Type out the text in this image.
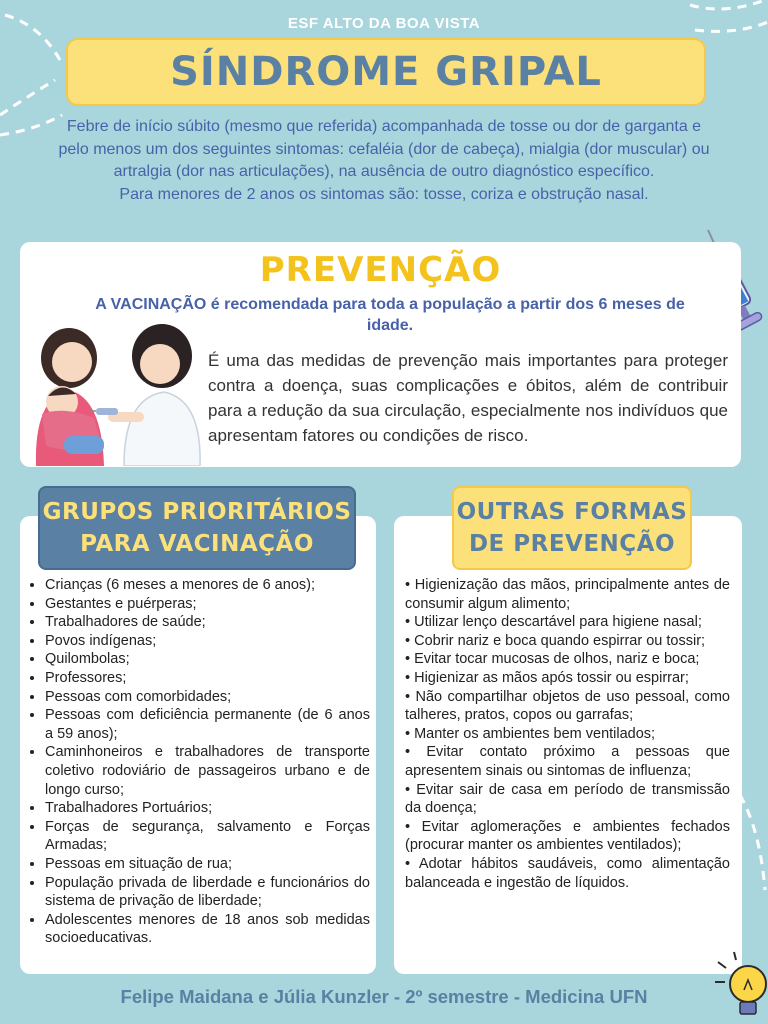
ESF ALTO DA BOA VISTA
SÍNDROME GRIPAL

Febre de início súbito (mesmo que referida) acompanhada de tosse ou dor de garganta e pelo menos um dos seguintes sintomas: cefaléia (dor de cabeça), mialgia (dor muscular) ou artralgia (dor nas articulações), na ausência de outro diagnóstico específico.

Para menores de 2 anos os sintomas são: tosse, coriza e obstrução nasal.

PREVENÇÃO
A VACINAÇÃO é recomendada para toda a população a partir dos 6 meses de idade.
É uma das medidas de prevenção mais importantes para proteger contra a doença, suas complicações e óbitos, além de contribuir para a redução da sua circulação, especialmente nos indivíduos que apresentam fatores ou condições de risco.
GRUPOS PRIORITÁRIOS
PARA VACINAÇÃO
OUTRAS FORMAS
DE PREVENÇÃO
• Crianças (6 meses a menores de 6 anos);
• Gestantes e puérperas;
• Trabalhadores de saúde;
• Povos indígenas;
• Quilombolas;
• Professores;
• Pessoas com comorbidades;
• Pessoas com deficiência permanente (de 6 anos a 59 anos);
• Caminhoneiros e trabalhadores de transporte coletivo rodoviário de passageiros urbano e de longo curso;
• Trabalhadores Portuários;
• Forças de segurança, salvamento e Forças Armadas;
• Pessoas em situação de rua;
• População privada de liberdade e funcionários do sistema de privação de liberdade;
• Adolescentes menores de 18 anos sob medidas socioeducativas.
• Higienização das mãos, principalmente antes de consumir algum alimento;
• Utilizar lenço descartável para higiene nasal;
• Cobrir nariz e boca quando espirrar ou tossir;
• Evitar tocar mucosas de olhos, nariz e boca;
• Higienizar as mãos após tossir ou espirrar;
• Não compartilhar objetos de uso pessoal, como talheres, pratos, copos ou garrafas;
• Manter os ambientes bem ventilados;
• Evitar contato próximo a pessoas que apresentem sinais ou sintomas de influenza;
• Evitar sair de casa em período de transmissão da doença;
• Evitar aglomerações e ambientes fechados (procurar manter os ambientes ventilados);
• Adotar hábitos saudáveis, como alimentação balanceada e ingestão de líquidos.
Felipe Maidana e Júlia Kunzler - 2º semestre - Medicina UFN
